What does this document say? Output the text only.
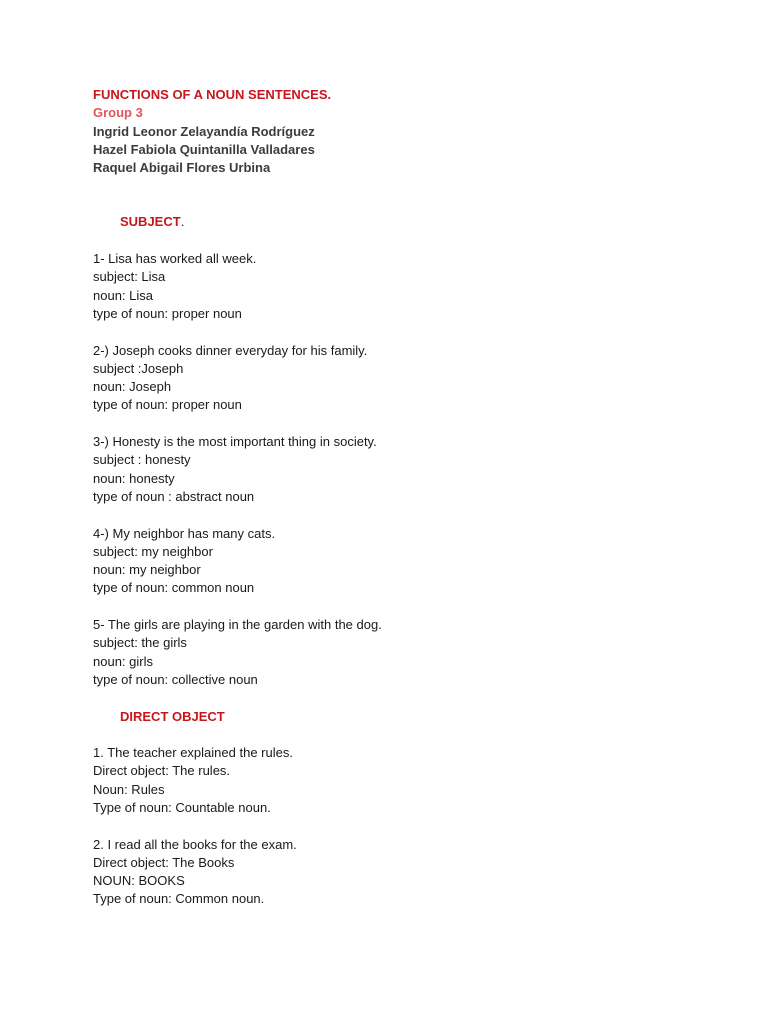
FUNCTIONS OF A NOUN SENTENCES.
Group 3
Ingrid Leonor Zelayandía Rodríguez
Hazel Fabiola Quintanilla Valladares
Raquel Abigail Flores Urbina
SUBJECT.
1- Lisa has worked all week.
subject: Lisa
noun: Lisa
type of noun: proper noun
2-) Joseph cooks dinner everyday for his family.
subject :Joseph
noun: Joseph
type of noun: proper noun
3-) Honesty is the most important thing in society.
subject : honesty
noun: honesty
type of noun : abstract noun
4-) My neighbor has many cats.
subject: my neighbor
noun: my neighbor
type of noun: common noun
5- The girls are playing in the garden with the dog.
subject: the girls
noun: girls
type of noun: collective noun
DIRECT OBJECT
1. The teacher explained the rules.
Direct object: The rules.
Noun: Rules
Type of noun: Countable noun.
2. I read all the books for the exam.
Direct object: The Books
NOUN: BOOKS
Type of noun: Common noun.
